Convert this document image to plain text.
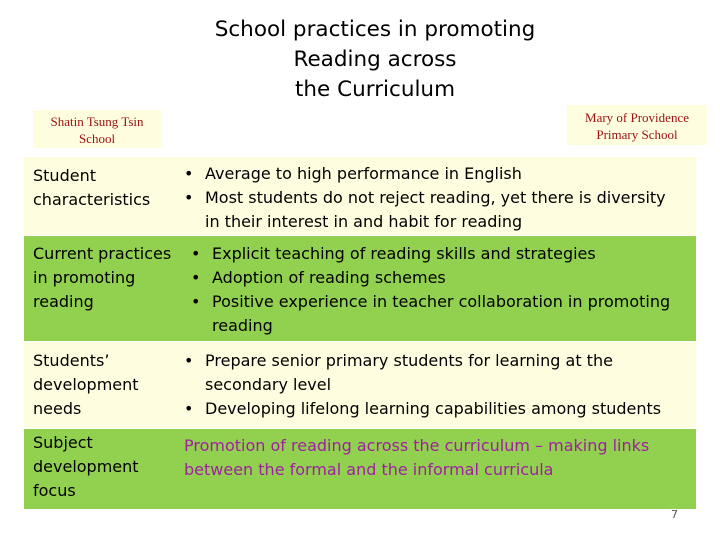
School practices in promoting
Reading across
the Curriculum
Shatin Tsung Tsin
School
Mary of Providence
Primary School
Student
characteristics
• Average to high performance in English
• Most students do not reject reading, yet there is diversity in their interest in and habit for reading
Current practices
in promoting
reading
• Explicit teaching of reading skills and strategies
• Adoption of reading schemes
• Positive experience in teacher collaboration in promoting reading
Students’
development
needs
• Prepare senior primary students for learning at the secondary level
• Developing lifelong learning capabilities among students
Subject
development
focus
Promotion of reading across the curriculum – making links between the formal and the informal curricula
7
